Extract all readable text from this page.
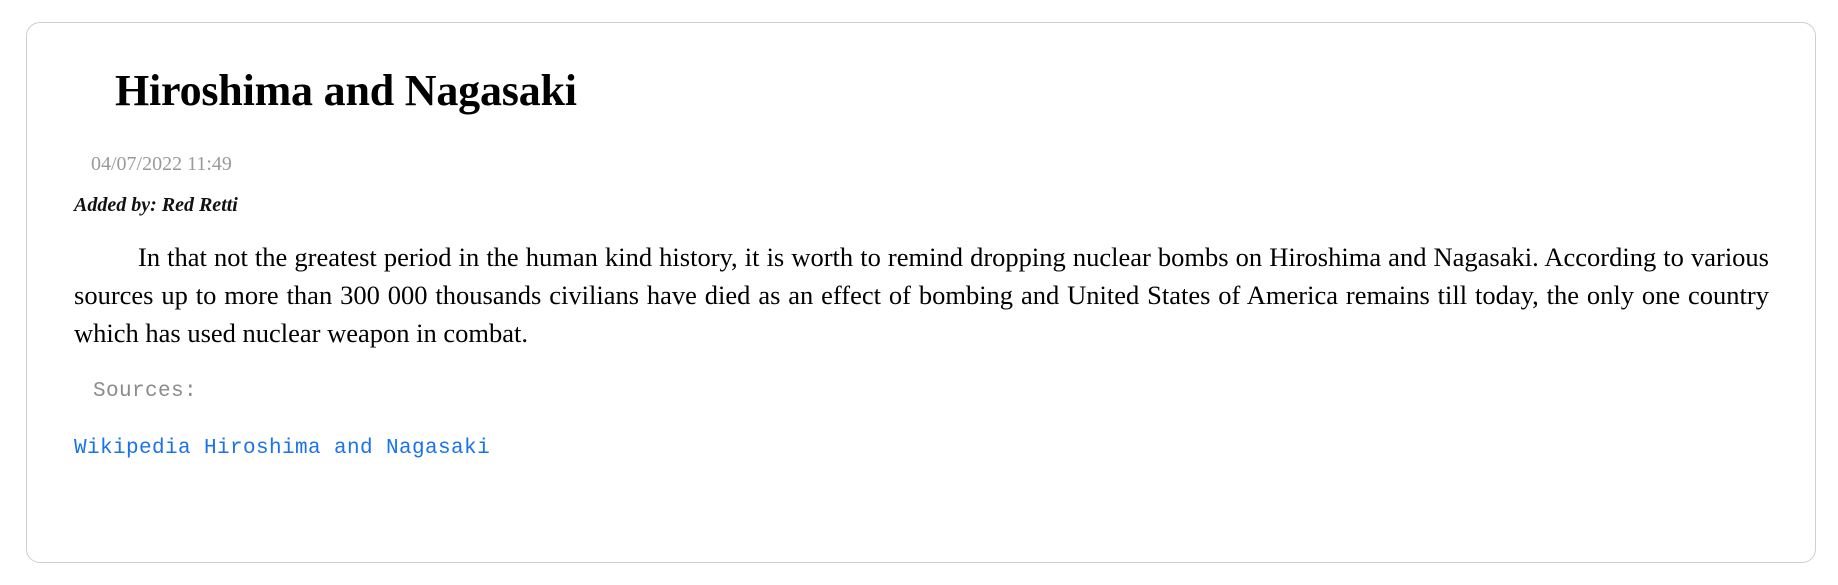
Hiroshima and Nagasaki
04/07/2022 11:49
Added by: Red Retti

In that not the greatest period in the human kind history, it is worth to remind dropping nuclear bombs on Hiroshima and Nagasaki. According to various sources up to more than 300 000 thousands civilians have died as an effect of bombing and United States of America remains till today, the only one country which has used nuclear weapon in combat.

Sources:
Wikipedia Hiroshima and Nagasaki
